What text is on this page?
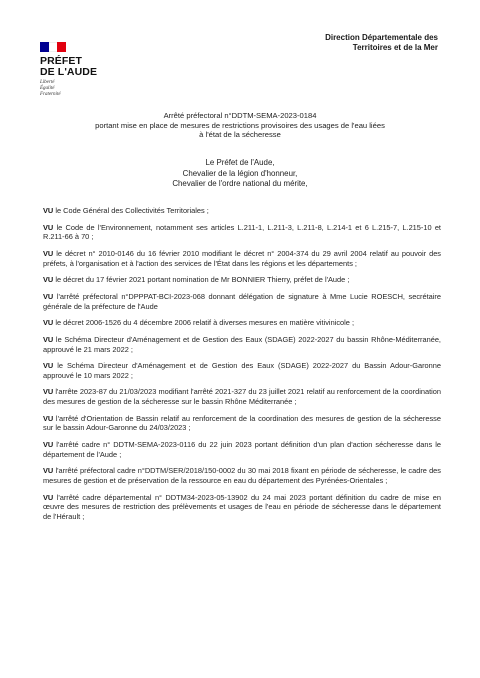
PRÉFET
DE L'AUDE
Liberté
Égalité
Fraternité
Direction Départementale des
Territoires et de la Mer
Arrêté préfectoral n°DDTM-SEMA-2023-0184
portant mise en place de mesures de restrictions provisoires des usages de l'eau liées
à l'état de la sécheresse
Le Préfet de l'Aude,
Chevalier de la légion d'honneur,
Chevalier de l'ordre national du mérite,

VU le Code Général des Collectivités Territoriales ;

VU le Code de l'Environnement, notamment ses articles L.211-1, L.211-3, L.211-8, L.214-1 et 6 L.215-7, L.215-10 et R.211-66 à 70 ;

VU le décret n° 2010-0146 du 16 février 2010 modifiant le décret n° 2004-374 du 29 avril 2004 relatif au pouvoir des préfets, à l'organisation et à l'action des services de l'État dans les régions et les départements ;

VU le décret du 17 février 2021 portant nomination de Mr BONNIER Thierry, préfet de l'Aude ;

VU l'arrêté préfectoral n°DPPPAT-BCI-2023-068 donnant délégation de signature à Mme Lucie ROESCH, secrétaire générale de la préfecture de l'Aude

VU le décret 2006-1526 du 4 décembre 2006 relatif à diverses mesures en matière vitivinicole ;

VU le Schéma Directeur d'Aménagement et de Gestion des Eaux (SDAGE) 2022-2027 du bassin Rhône-Méditerranée, approuvé le 21 mars 2022 ;

VU le Schéma Directeur d'Aménagement et de Gestion des Eaux (SDAGE) 2022-2027 du Bassin Adour-Garonne approuvé le 10 mars 2022 ;

VU l'arrête 2023-87 du 21/03/2023 modifiant l'arrêté 2021-327 du 23 juillet 2021 relatif au renforcement de la coordination des mesures de gestion de la sécheresse sur le bassin Rhône Méditerranée ;

VU l'arrêté d'Orientation de Bassin relatif au renforcement de la coordination des mesures de gestion de la sécheresse sur le bassin Adour-Garonne du 24/03/2023 ;

VU l'arrêté cadre n° DDTM-SEMA-2023-0116 du 22 juin 2023 portant définition d'un plan d'action sécheresse dans le département de l'Aude ;

VU l'arrêté préfectoral cadre n°DDTM/SER/2018/150-0002 du 30 mai 2018 fixant en période de sécheresse, le cadre des mesures de gestion et de préservation de la ressource en eau du département des Pyrénées-Orientales ;

VU l'arrêté cadre départemental n° DDTM34-2023-05-13902 du 24 mai 2023 portant définition du cadre de mise en œuvre des mesures de restriction des prélèvements et usages de l'eau en période de sécheresse dans le département de l'Hérault ;
